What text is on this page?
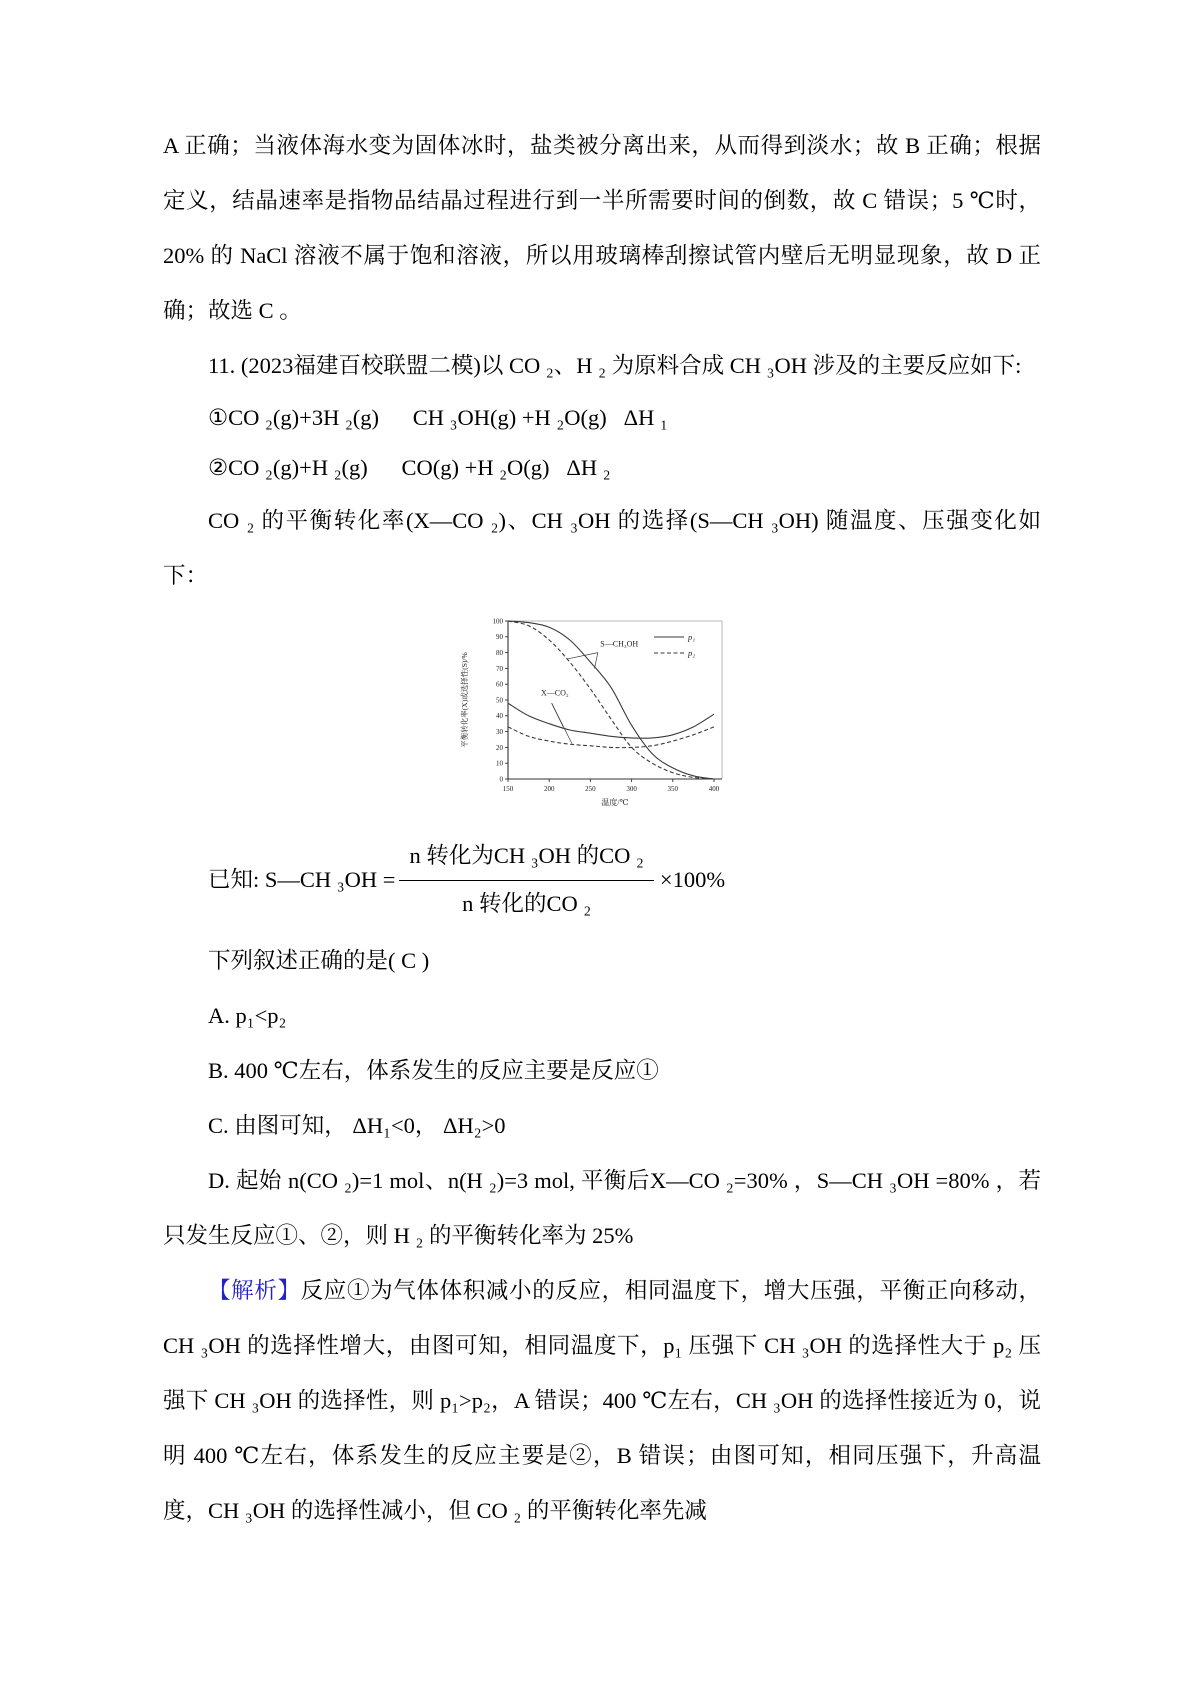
A 正确；当液体海水变为固体冰时，盐类被分离出来，从而得到淡水；故 B 正确；根据定义，结晶速率是指物品结晶过程进行到一半所需要时间的倒数，故 C 错误；5 ℃时，20% 的 NaCl 溶液不属于饱和溶液，所以用玻璃棒刮擦试管内壁后无明显现象，故 D 正确；故选 C 。

11. (2023福建百校联盟二模)以 CO ₂、H ₂ 为原料合成 CH ₃OH 涉及的主要反应如下:

①CO ₂(g)+3H ₂(g)      CH ₃OH(g) +H ₂O(g)   ΔH ₁

②CO ₂(g)+H ₂(g)      CO(g) +H ₂O(g)   ΔH ₂

CO ₂ 的平衡转化率(X—CO ₂)、CH ₃OH 的选择(S—CH ₃OH) 随温度、压强变化如下：

0
10
20
30
40
50
60
70
80
90
100
150	200	250	300	350	400
平衡转化率(X)或选择性(S)/%
温度/℃
p₁
p₂
S—CH₃OH
X—CO₂
已知: S—CH $_3OH = \frac{\text{n 转化为CH ₃OH 的CO ₂}}{\text{n 转化的CO ₂}} \times 100\%$

下列叙述正确的是( C )

A. p₁<p₂

B. 400 ℃左右，体系发生的反应主要是反应①

C. 由图可知， ΔH₁<0， ΔH₂>0

D. 起始 n(CO ₂)=1 mol、n(H ₂)=3 mol, 平衡后X—CO ₂=30% ，S—CH ₃OH =80% ，若只发生反应①、②，则 H ₂ 的平衡转化率为 25%

【解析】反应①为气体体积减小的反应，相同温度下，增大压强，平衡正向移动，CH ₃OH 的选择性增大，由图可知，相同温度下，p₁ 压强下 CH ₃OH 的选择性大于 p₂ 压强下 CH ₃OH 的选择性，则 p₁>p₂，A 错误；400 ℃左右，CH ₃OH 的选择性接近为 0，说明 400 ℃左右，体系发生的反应主要是②，B 错误；由图可知，相同压强下，升高温度，CH ₃OH 的选择性减小，但 CO ₂ 的平衡转化率先减
